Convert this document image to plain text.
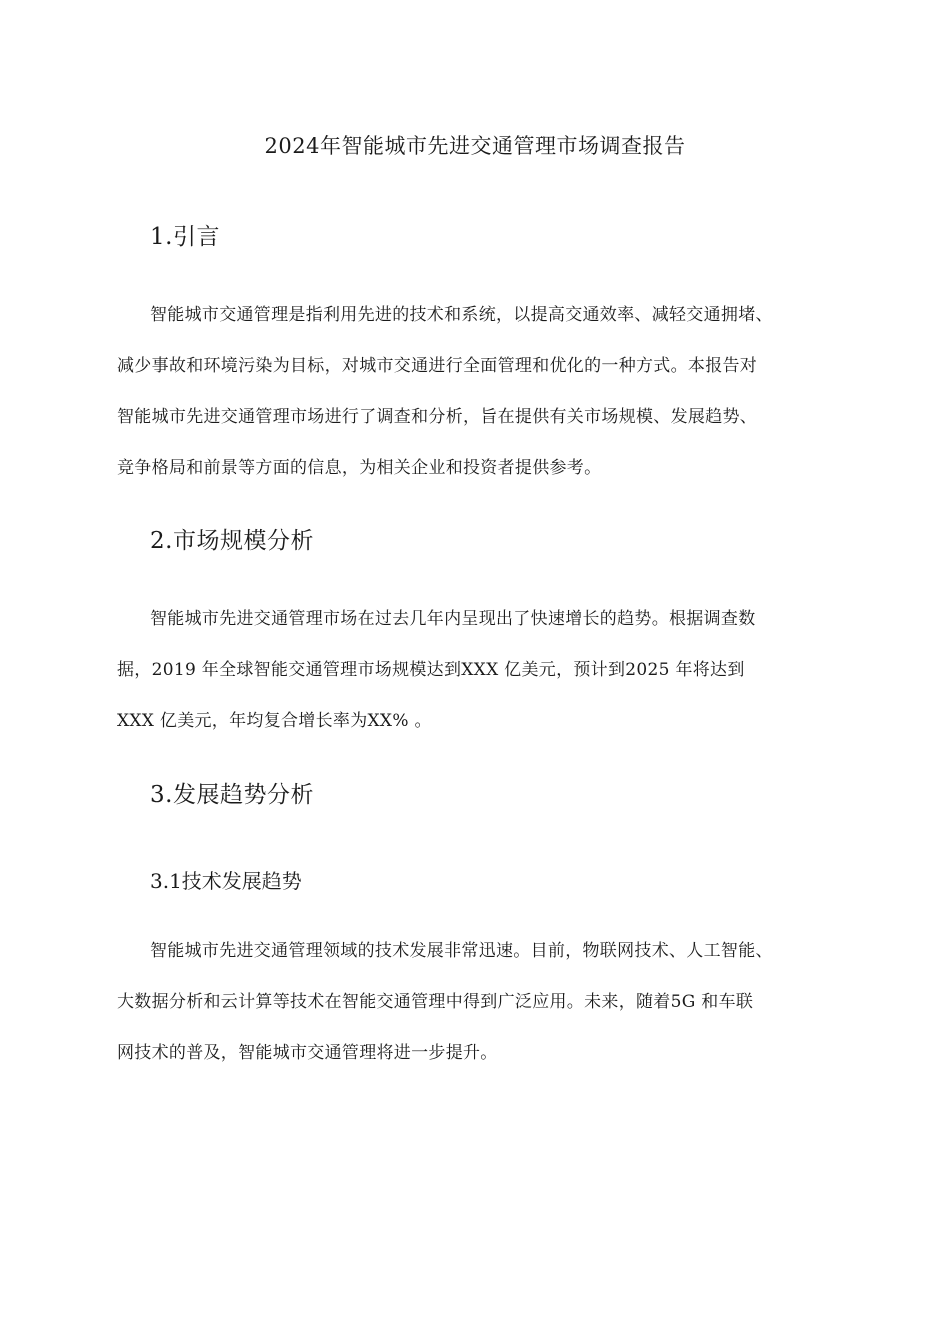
2024年智能城市先进交通管理市场调查报告
1.引言

智能城市交通管理是指利用先进的技术和系统，以提高交通效率、减轻交通拥堵、
减少事故和环境污染为目标，对城市交通进行全面管理和优化的一种方式。本报告对
智能城市先进交通管理市场进行了调查和分析，旨在提供有关市场规模、发展趋势、
竞争格局和前景等方面的信息，为相关企业和投资者提供参考。

2.市场规模分析

智能城市先进交通管理市场在过去几年内呈现出了快速增长的趋势。根据调查数
据，2019 年全球智能交通管理市场规模达到XXX 亿美元，预计到2025 年将达到
XXX 亿美元，年均复合增长率为XX% 。

3.发展趋势分析
3.1技术发展趋势

智能城市先进交通管理领域的技术发展非常迅速。目前，物联网技术、人工智能、
大数据分析和云计算等技术在智能交通管理中得到广泛应用。未来，随着5G 和车联
网技术的普及，智能城市交通管理将进一步提升。
